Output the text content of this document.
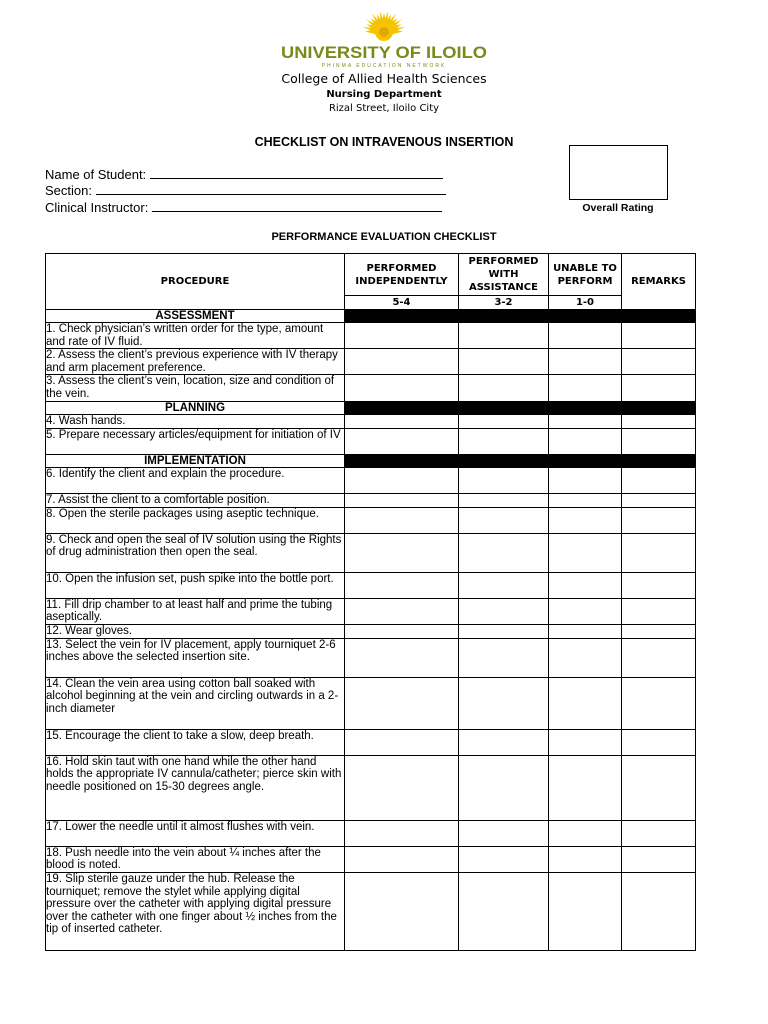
UNIVERSITY OF ILOILO
PHINMA EDUCATION NETWORK
College of Allied Health Sciences
Nursing Department
Rizal Street, Iloilo City
CHECKLIST ON INTRAVENOUS INSERTION
Name of Student:
Section:
Clinical Instructor:	Overall Rating
PERFORMANCE EVALUATION CHECKLIST
PROCEDURE	PERFORMED INDEPENDENTLY	PERFORMED WITH ASSISTANCE	UNABLE TO PERFORM	REMARKS
	5-4	3-2	1-0	
ASSESSMENT				
1. Check physician’s written order for the type, amount and rate of IV fluid.				
2. Assess the client’s previous experience with IV therapy and arm placement preference.				
3. Assess the client’s vein, location, size and condition of the vein.				
PLANNING				
4. Wash hands.				
5. Prepare necessary articles/equipment for initiation of IV				
IMPLEMENTATION				
6. Identify the client and explain the procedure.				
7. Assist the client to a comfortable position.				
8. Open the sterile packages using aseptic technique.				
9. Check and open the seal of IV solution using the Rights of drug administration then open the seal.				
10. Open the infusion set, push spike into the bottle port.				
11. Fill drip chamber to at least half and prime the tubing aseptically.				
12. Wear gloves.				
13. Select the vein for IV placement, apply tourniquet 2-6 inches above the selected insertion site.				
14. Clean the vein area using cotton ball soaked with alcohol beginning at the vein and circling outwards in a 2-inch diameter				
15. Encourage the client to take a slow, deep breath.				
16. Hold skin taut with one hand while the other hand holds the appropriate IV cannula/catheter; pierce skin with needle positioned on 15-30 degrees angle.				
17. Lower the needle until it almost flushes with vein.				
18. Push needle into the vein about ¼ inches after the blood is noted.				
19. Slip sterile gauze under the hub. Release the tourniquet; remove the stylet while applying digital pressure over the catheter with applying digital pressure over the catheter with one finger about ½ inches from the tip of inserted catheter.				
